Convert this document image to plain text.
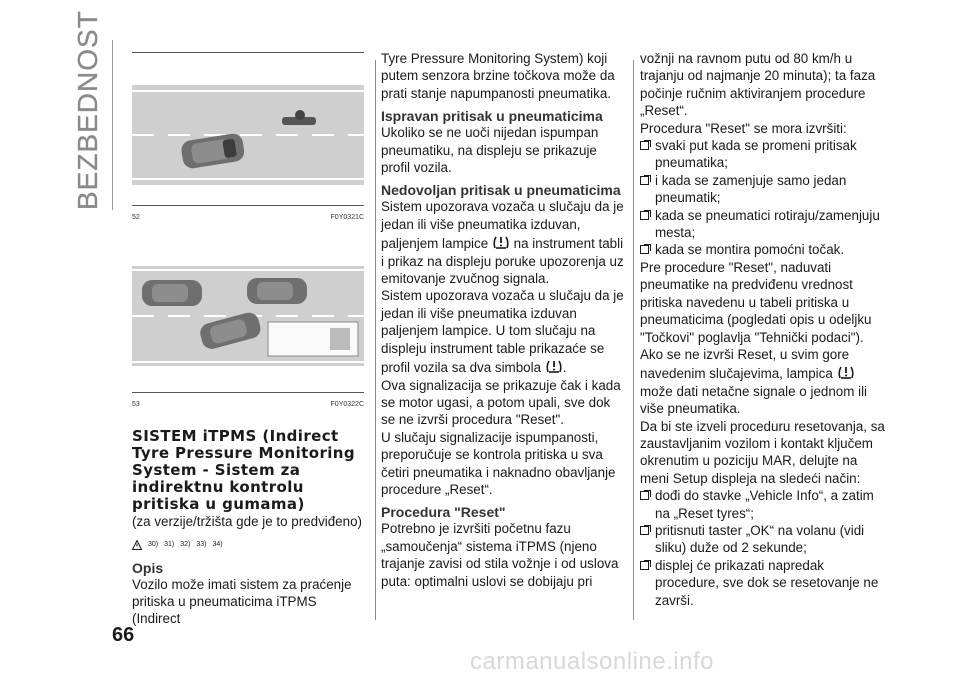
BEZBEDNOST
52	F0Y0321C
53	F0Y0322C
SISTEM iTPMS (Indirect Tyre Pressure Monitoring System - Sistem za indirektnu kontrolu pritiska u gumama)

(za verzije/tržišta gde je to predviđeno)

30) 31) 32) 33) 34)
Opis

Vozilo može imati sistem za praćenje pritiska u pneumaticima iTPMS (Indirect

Tyre Pressure Monitoring System) koji putem senzora brzine točkova može da prati stanje napumpanosti pneumatika.

Ispravan pritisak u pneumaticima

Ukoliko se ne uoči nijedan ispumpan pneumatiku, na displeju se prikazuje profil vozila.

Nedovoljan pritisak u pneumaticima

Sistem upozorava vozača u slučaju da je jedan ili više pneumatika izduvan, paljenjem lampice na instrument tabli i prikaz na displeju poruke upozorenja uz emitovanje zvučnog signala.

Sistem upozorava vozača u slučaju da je jedan ili više pneumatika izduvan paljenjem lampice. U tom slučaju na displeju instrument table prikazaće se profil vozila sa dva simbola .

Ova signalizacija se prikazuje čak i kada se motor ugasi, a potom upali, sve dok se ne izvrši procedura "Reset".

U slučaju signalizacije ispumpanosti, preporučuje se kontrola pritiska u sva četiri pneumatika i naknadno obavljanje procedure „Reset“.

Procedura "Reset"

Potrebno je izvršiti početnu fazu „samoučenja“ sistema iTPMS (njeno trajanje zavisi od stila vožnje i od uslova puta: optimalni uslovi se dobijaju pri

vožnji na ravnom putu od 80 km/h u trajanju od najmanje 20 minuta); ta faza počinje ručnim aktiviranjem procedure „Reset“.

Procedura "Reset" se mora izvršiti:

svaki put kada se promeni pritisak pneumatika;
i kada se zamenjuje samo jedan pneumatik;
kada se pneumatici rotiraju/zamenjuju mesta;
kada se montira pomoćni točak.

Pre procedure "Reset", naduvati pneumatike na predviđenu vrednost pritiska navedenu u tabeli pritiska u pneumaticima (pogledati opis u odeljku "Točkovi" poglavlja "Tehnički podaci").

Ako se ne izvrši Reset, u svim gore navedenim slučajevima, lampica  može dati netačne signale o jednom ili više pneumatika.

Da bi ste izveli proceduru resetovanja, sa zaustavljanim vozilom i kontakt ključem okrenutim u poziciju MAR, delujte na meni Setup displeja na sledeći način:

dođi do stavke „Vehicle Info“, a zatim na „Reset tyres“;
pritisnuti taster „OK“ na volanu (vidi sliku) duže od 2 sekunde;
displej će prikazati napredak procedure, sve dok se resetovanje ne završi.
66
carmanualsonline.info
